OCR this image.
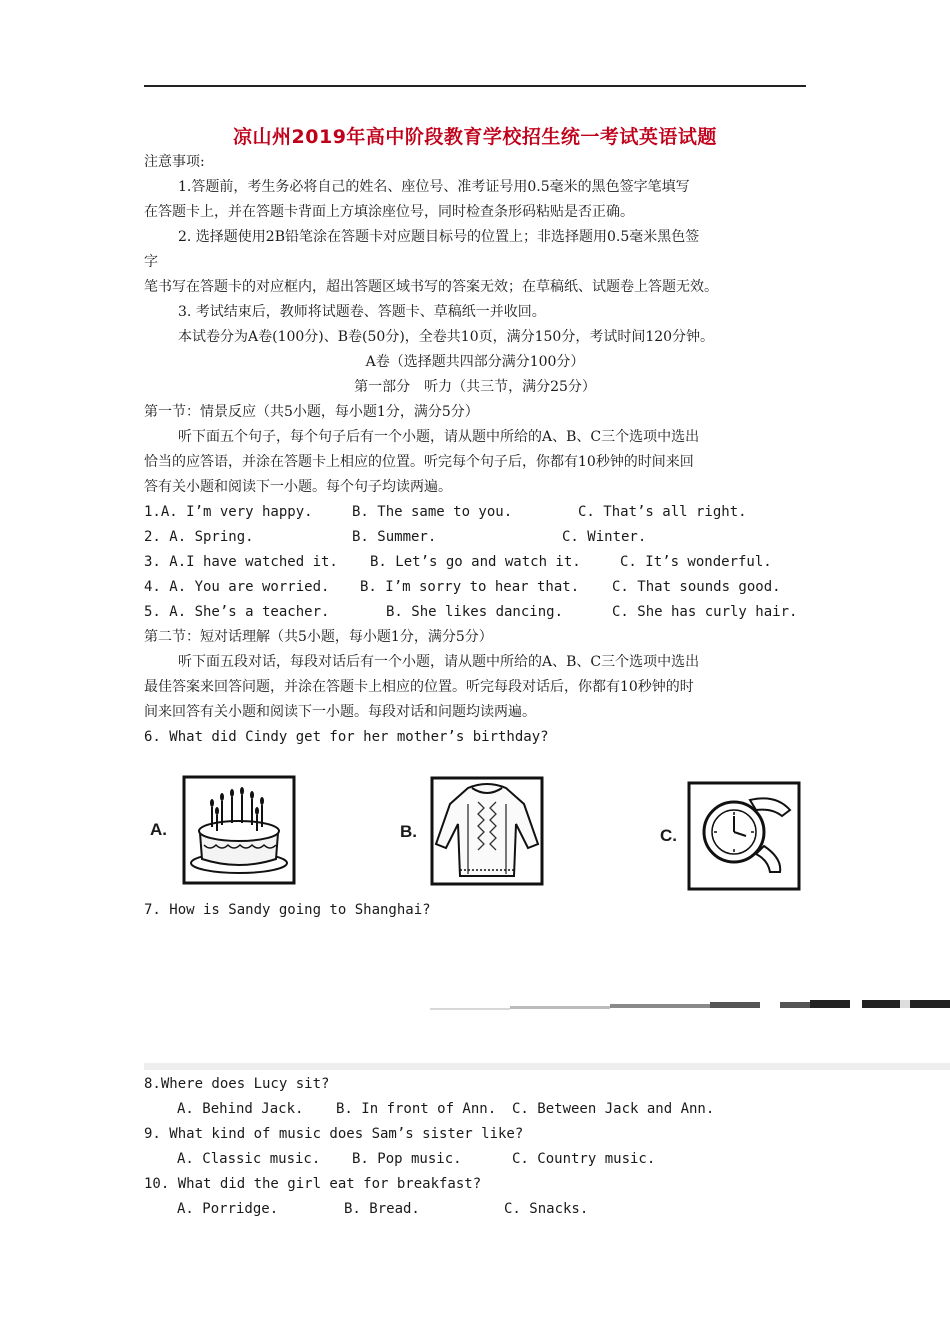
凉山州2019年高中阶段教育学校招生统一考试英语试题
注意事项:
1.答题前，考生务必将自己的姓名、座位号、准考证号用0.5毫米的黑色签字笔填写
在答题卡上，并在答题卡背面上方填涂座位号，同时检查条形码粘贴是否正确。
2. 选择题使用2B铅笔涂在答题卡对应题目标号的位置上；非选择题用0.5毫米黑色签
字
笔书写在答题卡的对应框内，超出答题区域书写的答案无效；在草稿纸、试题卷上答题无效。
3. 考试结束后，教师将试题卷、答题卡、草稿纸一并收回。
本试卷分为A卷(100分)、B卷(50分)，全卷共10页，满分150分，考试时间120分钟。
A卷（选择题共四部分满分100分）
第一部分　听力（共三节，满分25分）
第一节：情景反应（共5小题，每小题1分，满分5分）
听下面五个句子，每个句子后有一个小题，请从题中所给的A、B、C三个选项中选出
恰当的应答语，并涂在答题卡上相应的位置。听完每个句子后，你都有10秒钟的时间来回
答有关小题和阅读下一小题。每个句子均读两遍。
1.A. I’m very happy.	B. The same to you.	C. That’s all right.
2. A. Spring.	B. Summer.	C. Winter.
3. A.I have watched it. B. Let’s go and watch it.	C. It’s wonderful.
4. A. You are worried. B. I’m sorry to hear that. C. That sounds good.
5. A. She’s a teacher.	B. She likes dancing.	C. She has curly hair.
第二节：短对话理解（共5小题，每小题1分，满分5分）
听下面五段对话，每段对话后有一个小题，请从题中所给的A、B、C三个选项中选出
最佳答案来回答问题，并涂在答题卡上相应的位置。听完每段对话后，你都有10秒钟的时
间来回答有关小题和阅读下一小题。每段对话和问题均读两遍。
6. What did Cindy get for her mother’s birthday?
A.	B.	C.
7. How is Sandy going to Shanghai?
8.Where does Lucy sit?
A. Behind Jack. B. In front of Ann. C. Between Jack and Ann.
9. What kind of music does Sam’s sister like?
A. Classic music. B. Pop music.	C. Country music.
10. What did the girl eat for breakfast?
A. Porridge.	B. Bread.	C. Snacks.
